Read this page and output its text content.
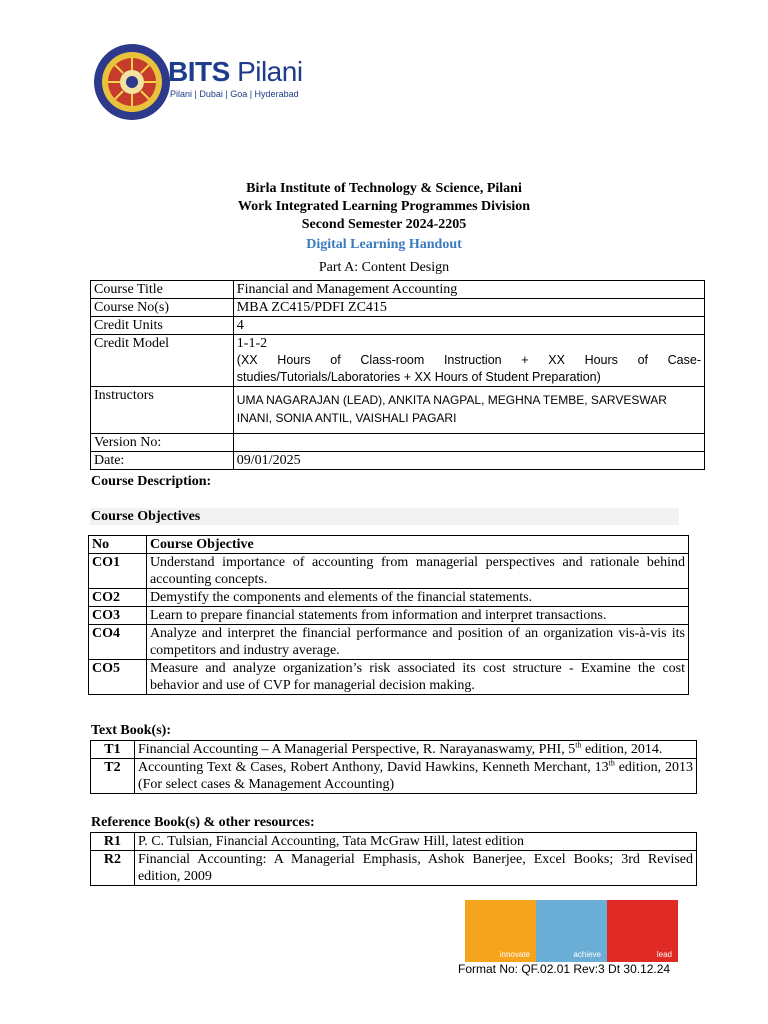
BITS Pilani
Pilani | Dubai | Goa | Hyderabad
Birla Institute of Technology & Science, Pilani
Work Integrated Learning Programmes Division
Second Semester 2024-2205
Digital Learning Handout
Part A: Content Design
Course Title	Financial and Management Accounting
Course No(s)	MBA ZC415/PDFI ZC415
Credit Units	4
Credit Model	1-1-2
(XX Hours of Class-room Instruction + XX Hours of Case-studies/Tutorials/Laboratories + XX Hours of Student Preparation)

Instructors	UMA NAGARAJAN (LEAD), ANKITA NAGPAL, MEGHNA TEMBE, SARVESWAR INANI, SONIA ANTIL, VAISHALI PAGARI
Version No:	
Date:	09/01/2025
Course Description:
Course Objectives
No	Course Objective
CO1	Understand importance of accounting from managerial perspectives and rationale behind accounting concepts.
CO2	Demystify the components and elements of the financial statements.
CO3	Learn to prepare financial statements from information and interpret transactions.
CO4	Analyze and interpret the financial performance and position of an organization vis-à-vis its competitors and industry average.
CO5	Measure and analyze organization’s risk associated its cost structure - Examine the cost behavior and use of CVP for managerial decision making.
Text Book(s):
T1	Financial Accounting – A Managerial Perspective, R. Narayanaswamy, PHI, 5th edition, 2014.
T2	Accounting Text & Cases, Robert Anthony, David Hawkins, Kenneth Merchant, 13th edition, 2013 (For select cases & Management Accounting)
Reference Book(s) & other resources:
R1	P. C. Tulsian, Financial Accounting, Tata McGraw Hill, latest edition
R2	Financial Accounting: A Managerial Emphasis, Ashok Banerjee, Excel Books; 3rd Revised edition, 2009
innovate	achieve	lead
Format No: QF.02.01 Rev:3 Dt 30.12.24
